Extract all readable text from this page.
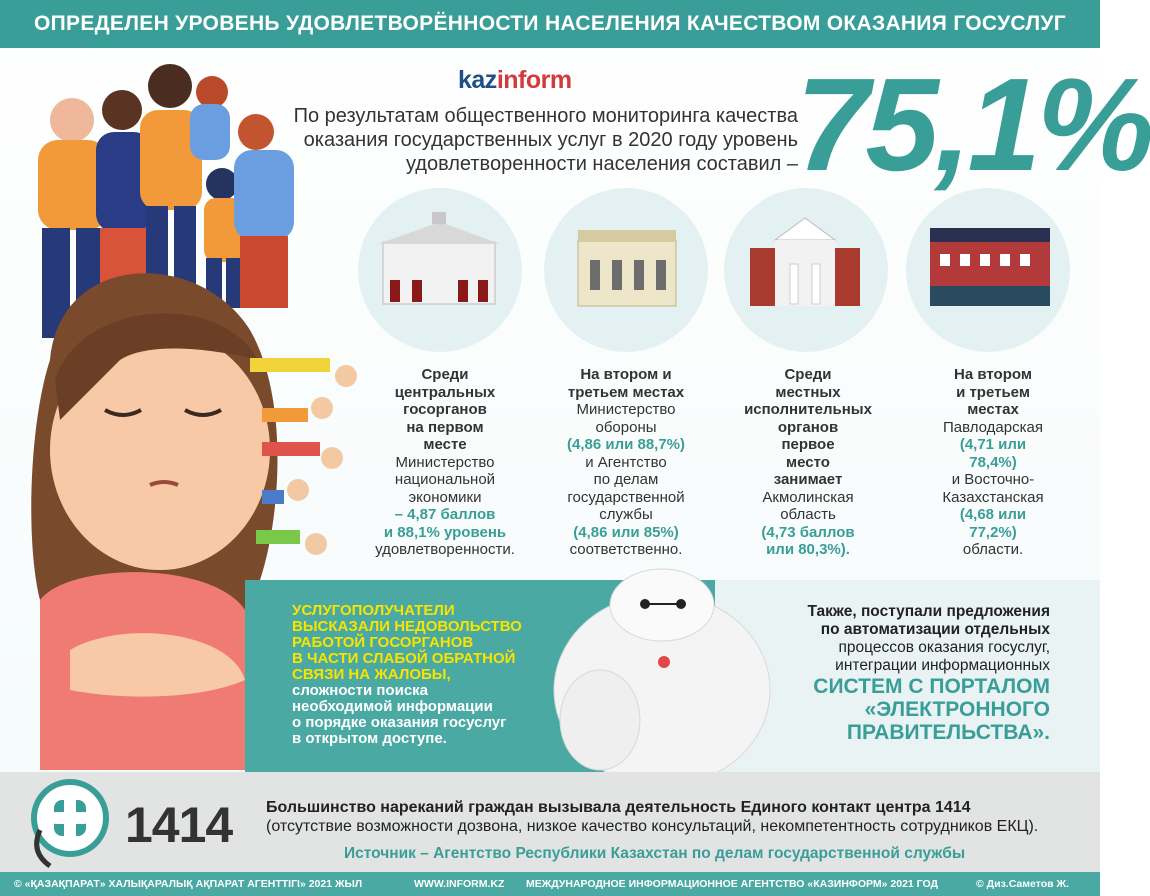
ОПРЕДЕЛЕН УРОВЕНЬ УДОВЛЕТВОРЁННОСТИ НАСЕЛЕНИЯ КАЧЕСТВОМ ОКАЗАНИЯ ГОСУСЛУГ
kazinform
По результатам общественного мониторинга качества
оказания государственных услуг в 2020 году уровень
удовлетворенности населения составил –
75,1%
Среди
центральных
госорганов
на первом
месте
Министерство
национальной
экономики
– 4,87 баллов
и 88,1% уровень
удовлетворенности.
На втором и
третьем местах
Министерство
обороны
(4,86 или 88,7%)
и Агентство
по делам
государственной
службы
(4,86 или 85%)
соответственно.
Среди
местных
исполнительных
органов
первое
место
занимает
Акмолинская
область
(4,73 баллов
или 80,3%).
На втором
и третьем
местах
Павлодарская
(4,71 или
78,4%)
и Восточно-
Казахстанская
(4,68 или
77,2%)
области.
УСЛУГОПОЛУЧАТЕЛИ
ВЫСКАЗАЛИ НЕДОВОЛЬСТВО
РАБОТОЙ ГОСОРГАНОВ
В ЧАСТИ СЛАБОЙ ОБРАТНОЙ
СВЯЗИ НА ЖАЛОБЫ,
сложности поиска
необходимой информации
о порядке оказания госуслуг
в открытом доступе.
Также, поступали предложения
по автоматизации отдельных
процессов оказания госуслуг,
интеграции информационных
СИСТЕМ С ПОРТАЛОМ
«ЭЛЕКТРОННОГО
ПРАВИТЕЛЬСТВА».
1414 Большинство нареканий граждан вызывала деятельность Единого контакт центра 1414
(отсутствие возможности дозвона, низкое качество консультаций, некомпетентность сотрудников ЕКЦ).
Источник – Агентство Республики Казахстан по делам государственной службы
© «ҚАЗАҚПАРАТ» ХАЛЫҚАРАЛЫҚ АҚПАРАТ АГЕНТТІГІ» 2021 ЖЫЛ	WWW.INFORM.KZ МЕЖДУНАРОДНОЕ ИНФОРМАЦИОННОЕ АГЕНТСТВО «КАЗИНФОРМ» 2021 ГОД	© Диз.Саметов Ж.
